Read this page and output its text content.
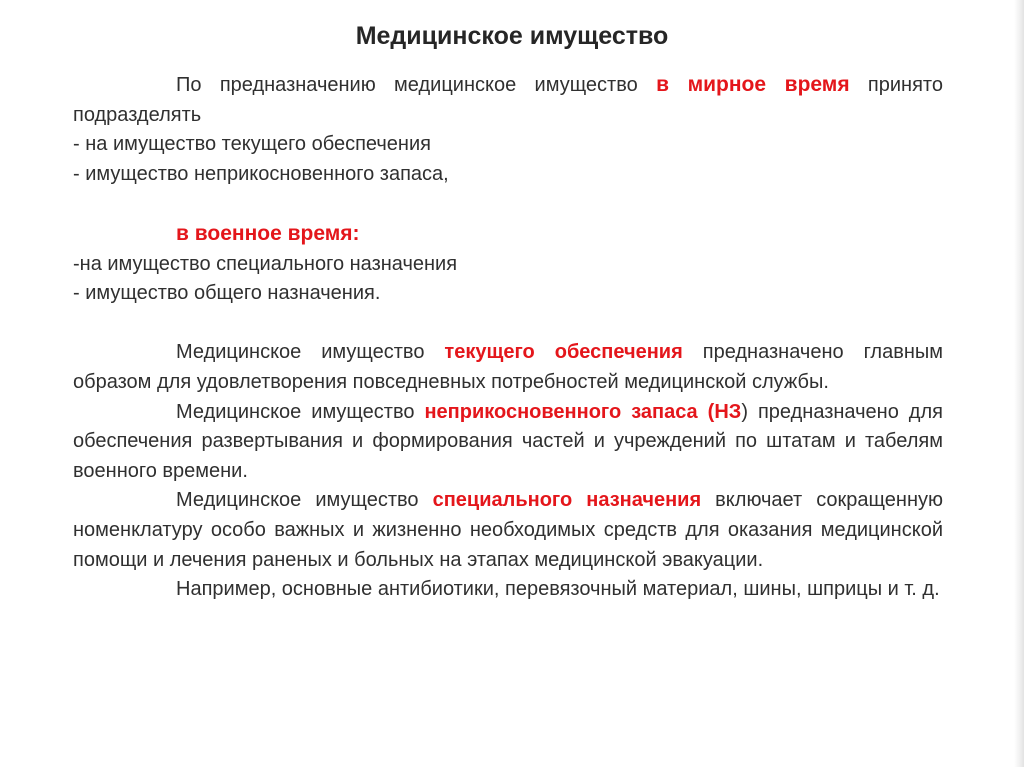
Медицинское имущество

По предназначению медицинское имущество в мирное время принято подразделять

- на имущество текущего обеспечения

- имущество неприкосновенного запаса,

в военное время:

-на имущество специального назначения

- имущество общего назначения.

Медицинское имущество текущего обеспечения предназначено главным образом для удовлетворения повседневных потребностей медицинской службы.

Медицинское имущество неприкосновенного запаса (НЗ) предназначено для обеспечения развертывания и формирования частей и учреждений по штатам и табелям военного времени.

Медицинское имущество специального назначения включает сокращенную номенклатуру особо важных и жизненно необходимых средств для оказания медицинской помощи и лечения раненых и больных на этапах медицинской эвакуации.

Например, основные антибиотики, перевязочный материал, шины, шприцы и т. д.
